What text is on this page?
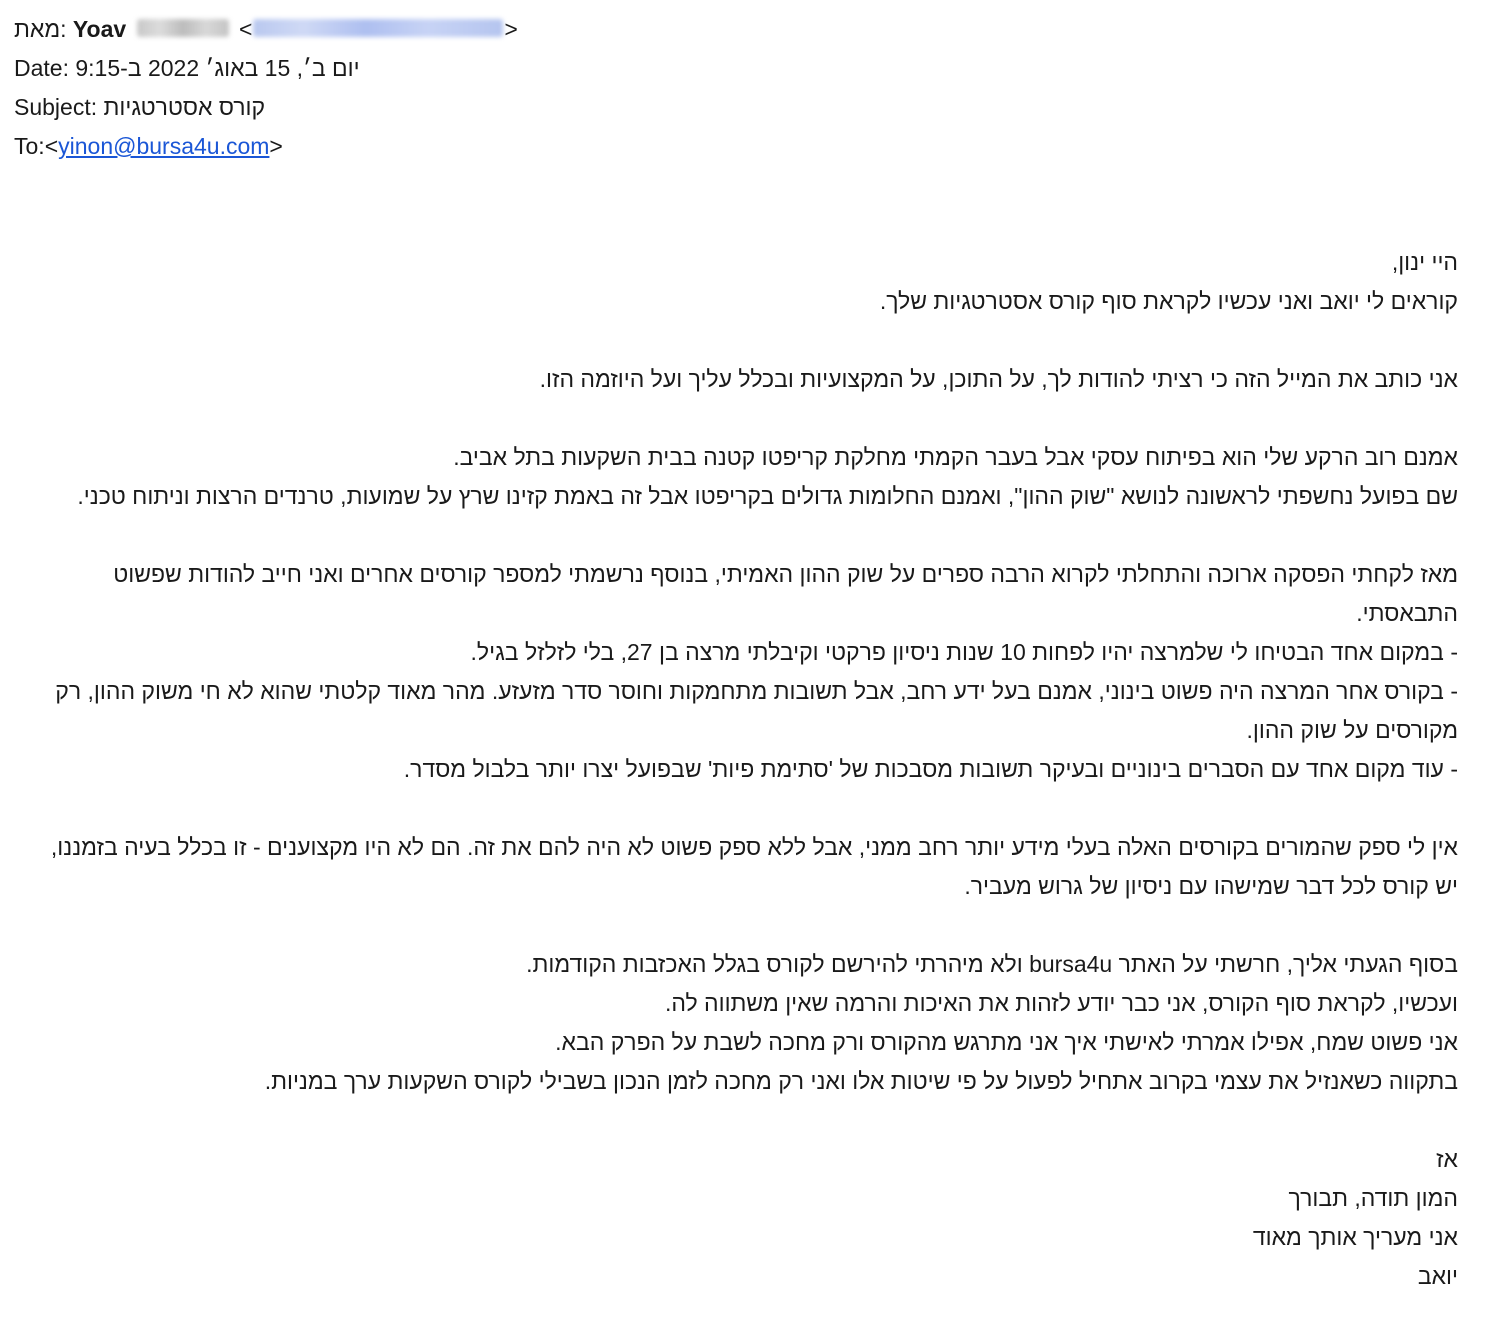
מאת: Yoav	<	>
Date: יום ב׳, 15 באוג׳ 2022 ב-9:15
Subject: קורס אסטרטגיות
To:<yinon@bursa4u.com>
היי ינון,
קוראים לי יואב ואני עכשיו לקראת סוף קורס אסטרטגיות שלך.
אני כותב את המייל הזה כי רציתי להודות לך, על התוכן, על המקצועיות ובכלל עליך ועל היוזמה הזו.
אמנם רוב הרקע שלי הוא בפיתוח עסקי אבל בעבר הקמתי מחלקת קריפטו קטנה בבית השקעות בתל אביב.
שם בפועל נחשפתי לראשונה לנושא "שוק ההון", ואמנם החלומות גדולים בקריפטו אבל זה באמת קזינו שרץ על שמועות, טרנדים הרצות וניתוח טכני.
מאז לקחתי הפסקה ארוכה והתחלתי לקרוא הרבה ספרים על שוק ההון האמיתי, בנוסף נרשמתי למספר קורסים אחרים ואני חייב להודות שפשוט התבאסתי.
- במקום אחד הבטיחו לי שלמרצה יהיו לפחות 10 שנות ניסיון פרקטי וקיבלתי מרצה בן 27, בלי לזלזל בגיל.
- בקורס אחר המרצה היה פשוט בינוני, אמנם בעל ידע רחב, אבל תשובות מתחמקות וחוסר סדר מזעזע. מהר מאוד קלטתי שהוא לא חי משוק ההון, רק מקורסים על שוק ההון.
- עוד מקום אחד עם הסברים בינוניים ובעיקר תשובות מסבכות של 'סתימת פיות' שבפועל יצרו יותר בלבול מסדר.
אין לי ספק שהמורים בקורסים האלה בעלי מידע יותר רחב ממני, אבל ללא ספק פשוט לא היה להם את זה. הם לא היו מקצוענים - זו בכלל בעיה בזמננו, יש קורס לכל דבר שמישהו עם ניסיון של גרוש מעביר.
בסוף הגעתי אליך, חרשתי על האתר bursa4u ולא מיהרתי להירשם לקורס בגלל האכזבות הקודמות.
ועכשיו, לקראת סוף הקורס, אני כבר יודע לזהות את האיכות והרמה שאין משתווה לה.
אני פשוט שמח, אפילו אמרתי לאישתי איך אני מתרגש מהקורס ורק מחכה לשבת על הפרק הבא.
בתקווה כשאנזיל את עצמי בקרוב אתחיל לפעול על פי שיטות אלו ואני רק מחכה לזמן הנכון בשבילי לקורס השקעות ערך במניות.
אז
המון תודה, תבורך
אני מעריך אותך מאוד
יואב
